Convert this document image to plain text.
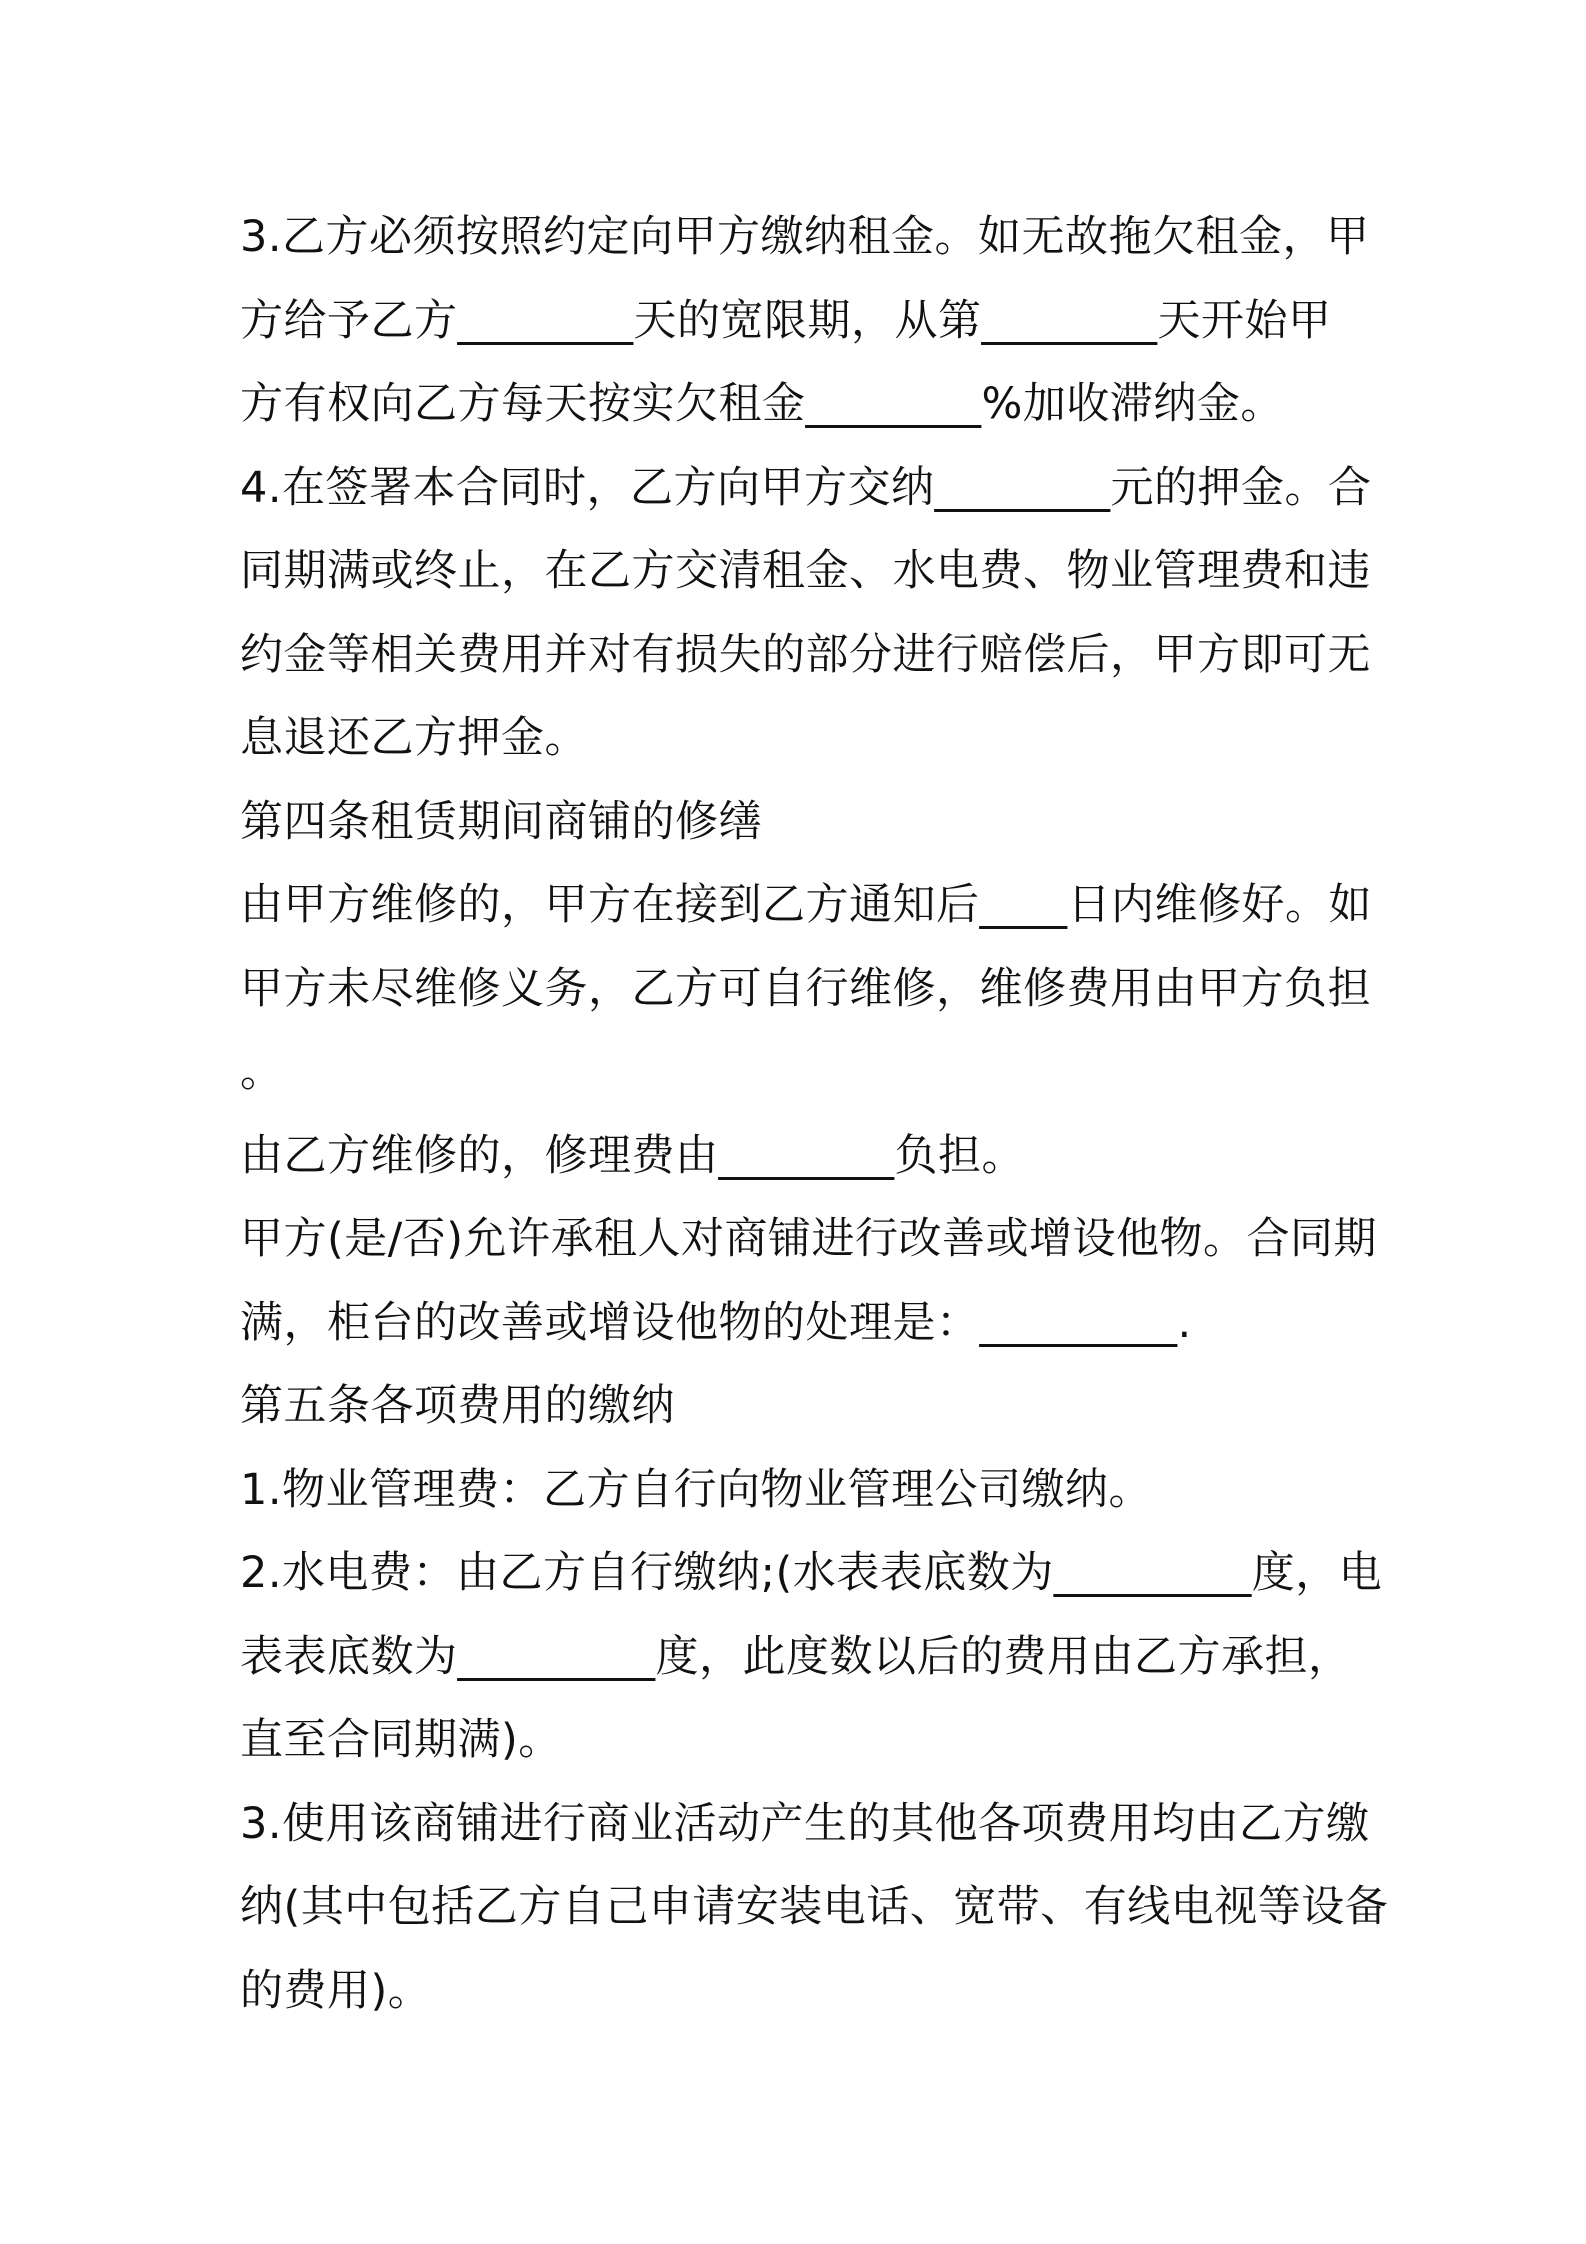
3.乙方必须按照约定向甲方缴纳租金。如无故拖欠租金，甲
方给予乙方________天的宽限期，从第________天开始甲
方有权向乙方每天按实欠租金________%加收滞纳金。
4.在签署本合同时，乙方向甲方交纳________元的押金。合
同期满或终止，在乙方交清租金、水电费、物业管理费和违
约金等相关费用并对有损失的部分进行赔偿后，甲方即可无
息退还乙方押金。
第四条租赁期间商铺的修缮
由甲方维修的，甲方在接到乙方通知后____日内维修好。如
甲方未尽维修义务，乙方可自行维修，维修费用由甲方负担
。
由乙方维修的，修理费由________负担。
甲方(是/否)允许承租人对商铺进行改善或增设他物。合同期
满，柜台的改善或增设他物的处理是：_________.
第五条各项费用的缴纳
1.物业管理费：乙方自行向物业管理公司缴纳。
2.水电费：由乙方自行缴纳;(水表表底数为_________度，电
表表底数为_________度，此度数以后的费用由乙方承担，
直至合同期满)。
3.使用该商铺进行商业活动产生的其他各项费用均由乙方缴
纳(其中包括乙方自己申请安装电话、宽带、有线电视等设备
的费用)。
